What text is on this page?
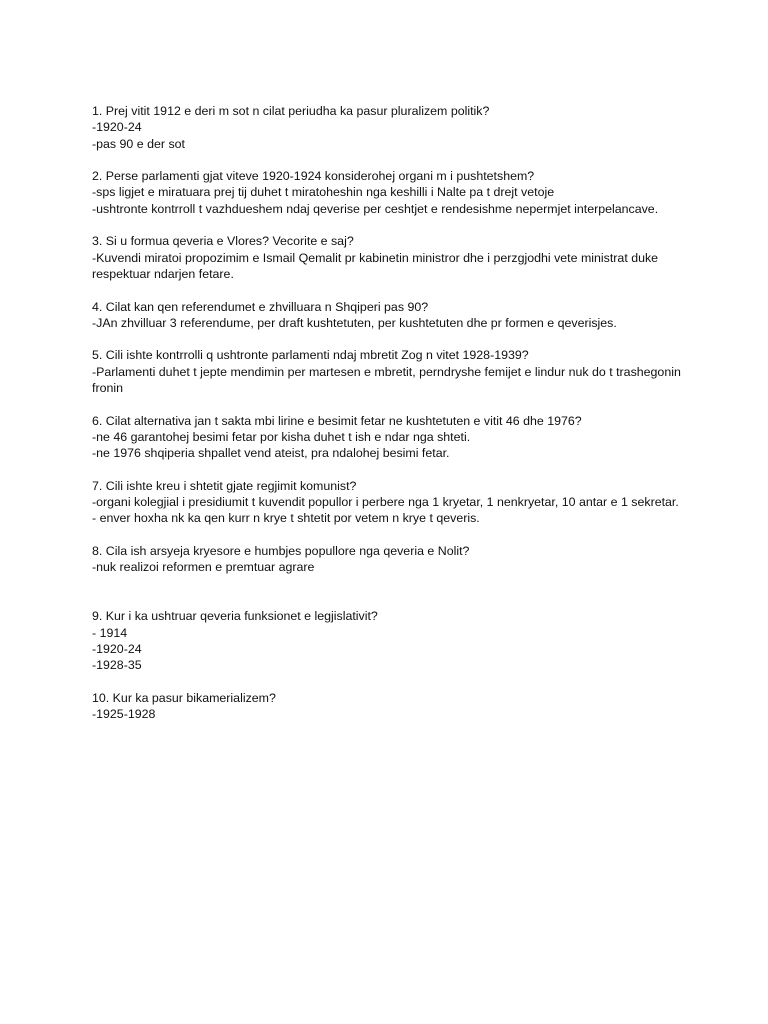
1. Prej vitit 1912 e deri m sot n cilat periudha ka pasur pluralizem politik?
-1920-24
-pas 90 e der sot
2. Perse parlamenti gjat viteve 1920-1924 konsiderohej organi m i pushtetshem?
-sps ligjet e miratuara prej tij duhet t miratoheshin nga keshilli i Nalte pa t drejt vetoje
-ushtronte kontrroll t vazhdueshem ndaj qeverise per ceshtjet e rendesishme nepermjet interpelancave.
3. Si u formua qeveria e Vlores? Vecorite e saj?
-Kuvendi miratoi propozimim e Ismail Qemalit pr kabinetin ministror dhe i perzgjodhi vete ministrat duke respektuar ndarjen fetare.
4. Cilat kan qen referendumet e zhvilluara n Shqiperi pas 90?
-JAn zhvilluar 3 referendume, per draft kushtetuten, per kushtetuten dhe pr formen e qeverisjes.
5. Cili ishte kontrrolli q ushtronte parlamenti ndaj mbretit Zog n vitet 1928-1939?
-Parlamenti duhet t jepte mendimin per martesen e mbretit, perndryshe femijet e lindur nuk do t trashegonin fronin
6. Cilat alternativa jan t sakta mbi lirine e besimit fetar ne kushtetuten e vitit 46 dhe 1976?
-ne 46 garantohej besimi fetar por kisha duhet t ish e ndar nga shteti.
-ne 1976 shqiperia shpallet vend ateist, pra ndalohej besimi fetar.
7. Cili ishte kreu i shtetit gjate regjimit komunist?
-organi kolegjial i presidiumit t kuvendit popullor i perbere nga 1 kryetar, 1 nenkryetar, 10 antar e 1 sekretar.
- enver hoxha nk ka qen kurr n krye t shtetit por vetem n krye t qeveris.
8. Cila ish arsyeja kryesore e humbjes popullore nga qeveria e Nolit?
-nuk realizoi reformen e premtuar agrare
9. Kur i ka ushtruar qeveria funksionet e legjislativit?
- 1914
-1920-24
-1928-35
10. Kur ka pasur bikamerializem?
-1925-1928
